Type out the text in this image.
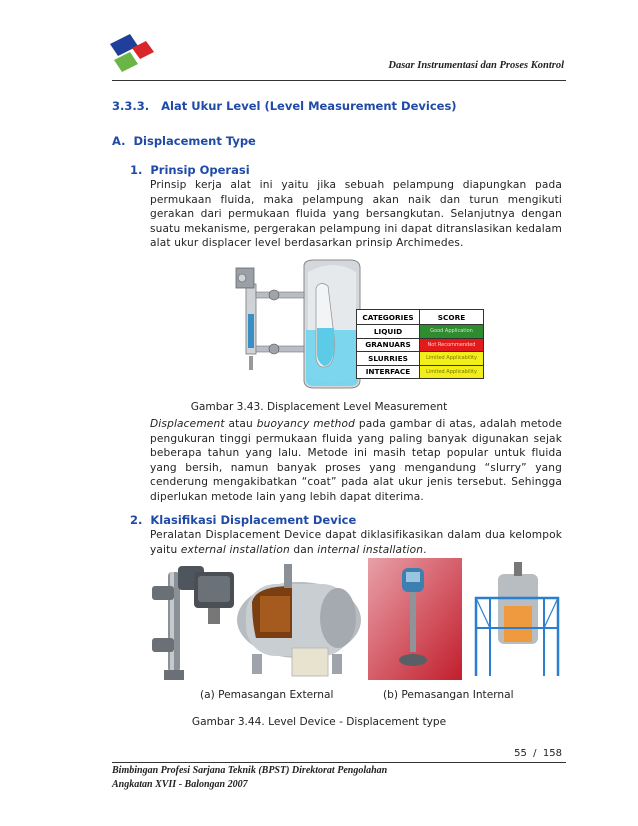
Dasar Instrumentasi dan Proses Kontrol
3.3.3.   Alat Ukur Level (Level Measurement Devices)
A.  Displacement Type
1.  Prinsip Operasi
Prinsip kerja alat ini yaitu jika sebuah pelampung diapungkan pada permukaan fluida, maka pelampung akan naik dan turun mengikuti gerakan dari permukaan fluida yang bersangkutan. Selanjutnya dengan suatu mekanisme, pergerakan pelampung ini dapat ditranslasikan kedalam alat ukur displacer level berdasarkan prinsip Archimedes.
CATEGORIES	SCORE
LIQUID	Good Application
GRANUARS	Not Recommended
SLURRIES	Limited Applicability
INTERFACE	Limited Applicability
Gambar 3.43. Displacement Level Measurement
Displacement atau buoyancy method pada gambar di atas, adalah metode pengukuran tinggi permukaan fluida yang paling banyak digunakan sejak beberapa tahun yang lalu. Metode ini masih tetap popular untuk fluida yang bersih, namun banyak proses yang mengandung “slurry” yang cenderung mengakibatkan “coat” pada alat ukur jenis tersebut. Sehingga diperlukan metode lain yang lebih dapat diterima.
2.  Klasifikasi Displacement Device
Peralatan Displacement Device dapat diklasifikasikan dalam dua kelompok yaitu external installation dan internal installation.
(a) Pemasangan External	(b) Pemasangan Internal
Gambar 3.44. Level Device - Displacement type
55  /  158
Bimbingan Profesi Sarjana Teknik (BPST) Direktorat Pengolahan
Angkatan XVII - Balongan 2007
